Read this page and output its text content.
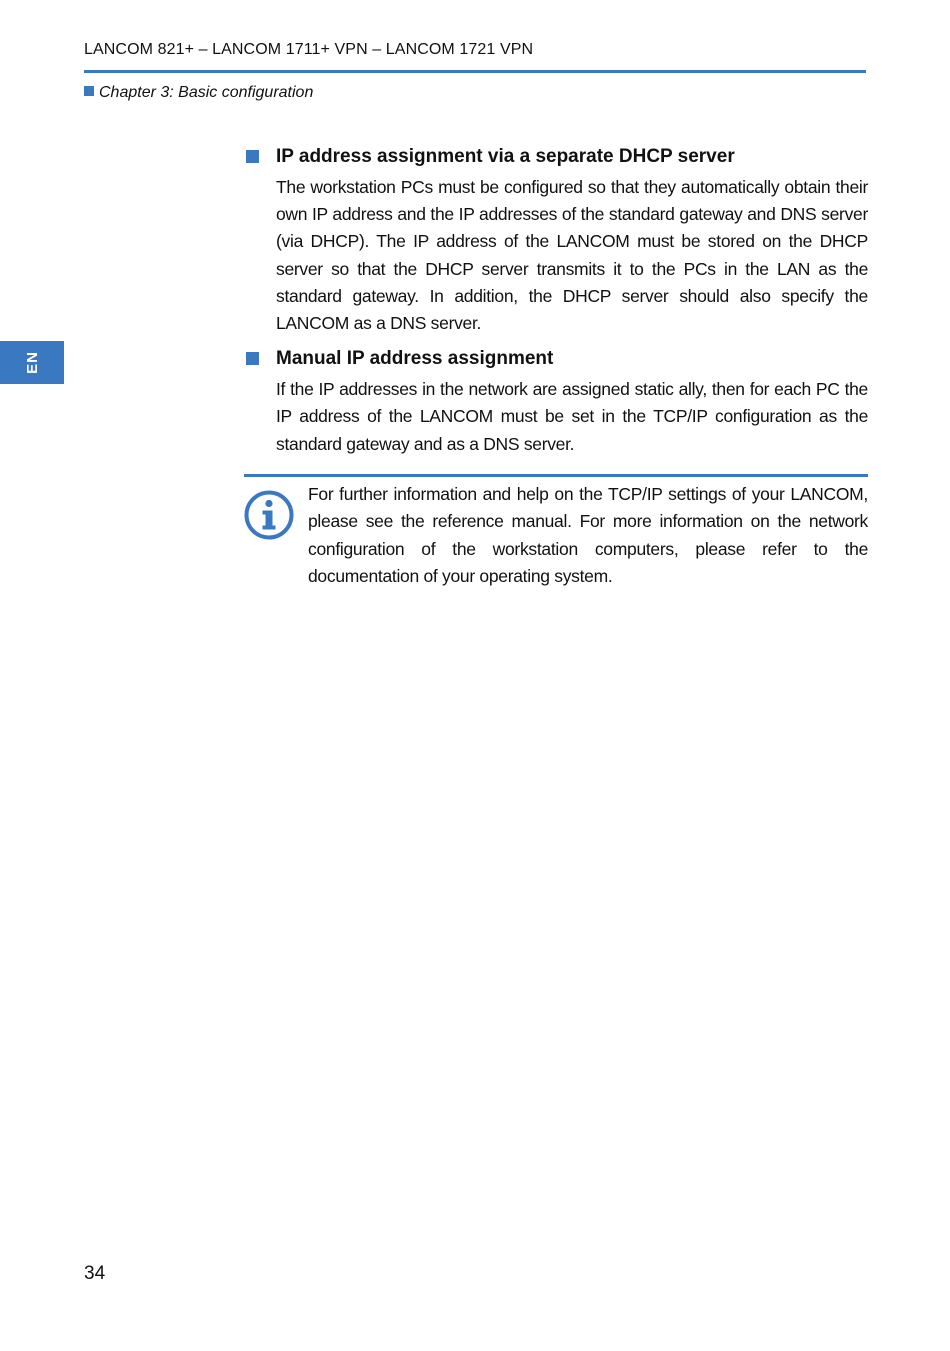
LANCOM 821+ – LANCOM 1711+ VPN – LANCOM 1721 VPN
Chapter 3: Basic configuration
EN
IP address assignment via a separate DHCP server
The workstation PCs must be configured so that they automatically obtain their own IP address and the IP addresses of the standard gateway and DNS server (via DHCP). The IP address of the LANCOM must be stored on the DHCP server so that the DHCP server transmits it to the PCs in the LAN as the standard gateway. In addition, the DHCP server should also specify the LANCOM as a DNS server.
Manual IP address assignment
If the IP addresses in the network are assigned static ally, then for each PC the IP address of the LANCOM must be set in the TCP/IP configuration as the standard gateway and as a DNS server.
For further information and help on the TCP/IP settings of your LANCOM, please see the reference manual. For more information on the network configuration of the workstation computers, please refer to the documentation of your operating system.
34
